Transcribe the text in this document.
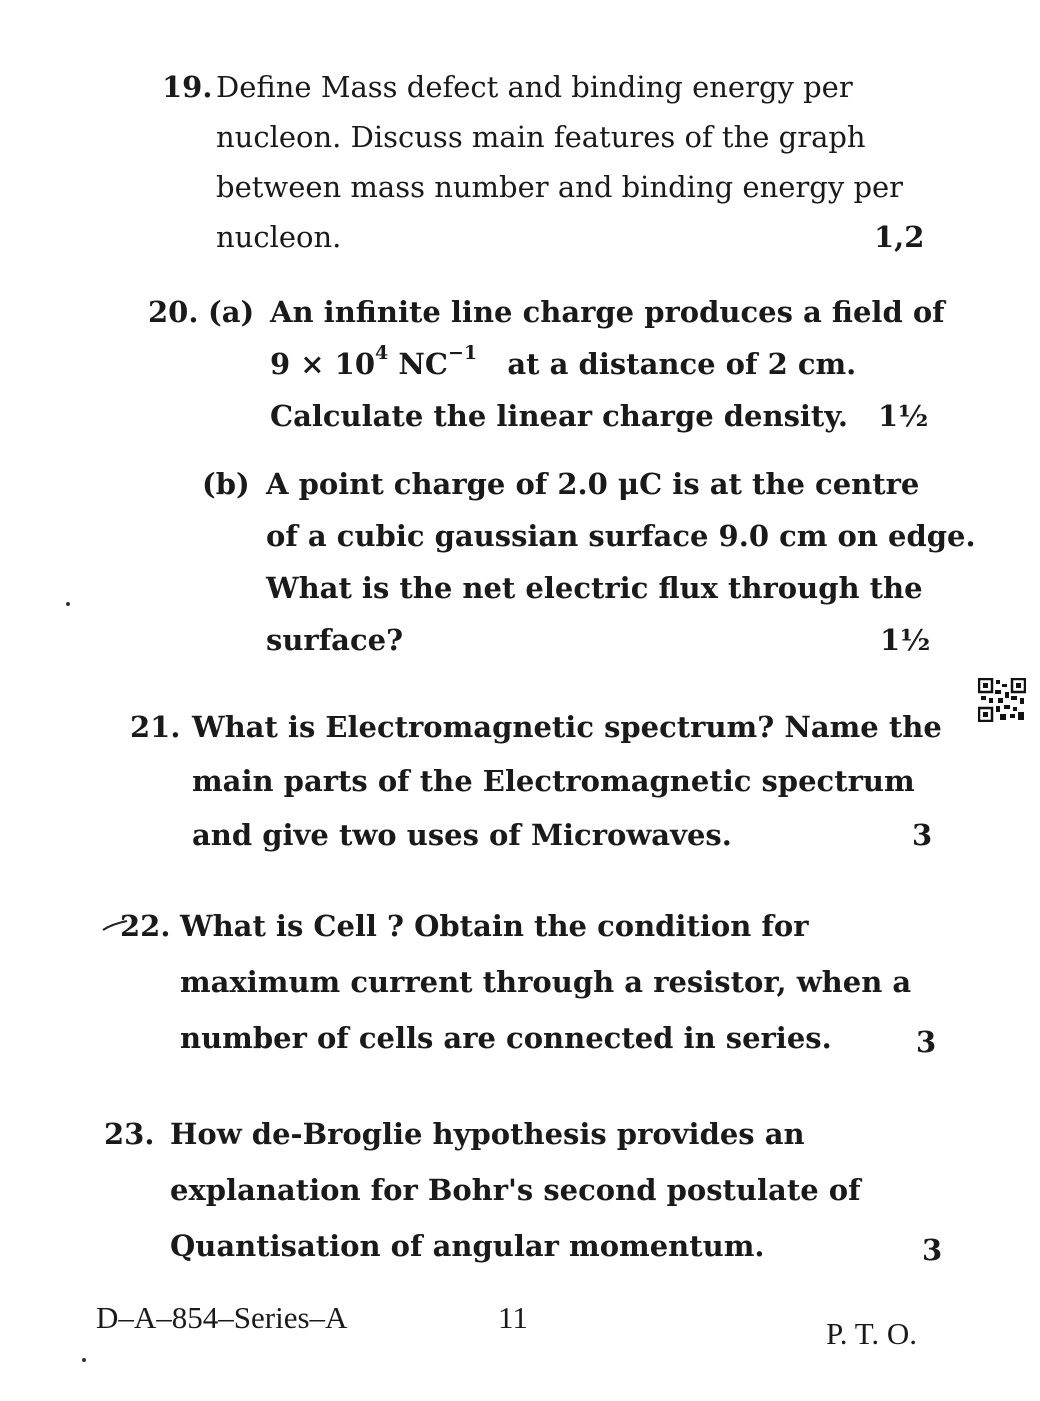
19. Define Mass defect and binding energy per
nucleon. Discuss main features of the graph
between mass number and binding energy per
nucleon.	1,2
20. (a) An infinite line charge produces a field of
$9 \times 10^4$ $NC^{-1}$ at a distance of 2 cm.
Calculate the linear charge density.	1½
(b) A point charge of 2.0 μC is at the centre
of a cubic gaussian surface 9.0 cm on edge.
What is the net electric flux through the
surface?	1½
21. What is Electromagnetic spectrum? Name the
main parts of the Electromagnetic spectrum
and give two uses of Microwaves.	3
22. What is Cell ? Obtain the condition for
maximum current through a resistor, when a
number of cells are connected in series.	3
23. How de-Broglie hypothesis provides an
explanation for Bohr's second postulate of
Quantisation of angular momentum.	3
D–A–854–Series–A	11	P. T. O.
